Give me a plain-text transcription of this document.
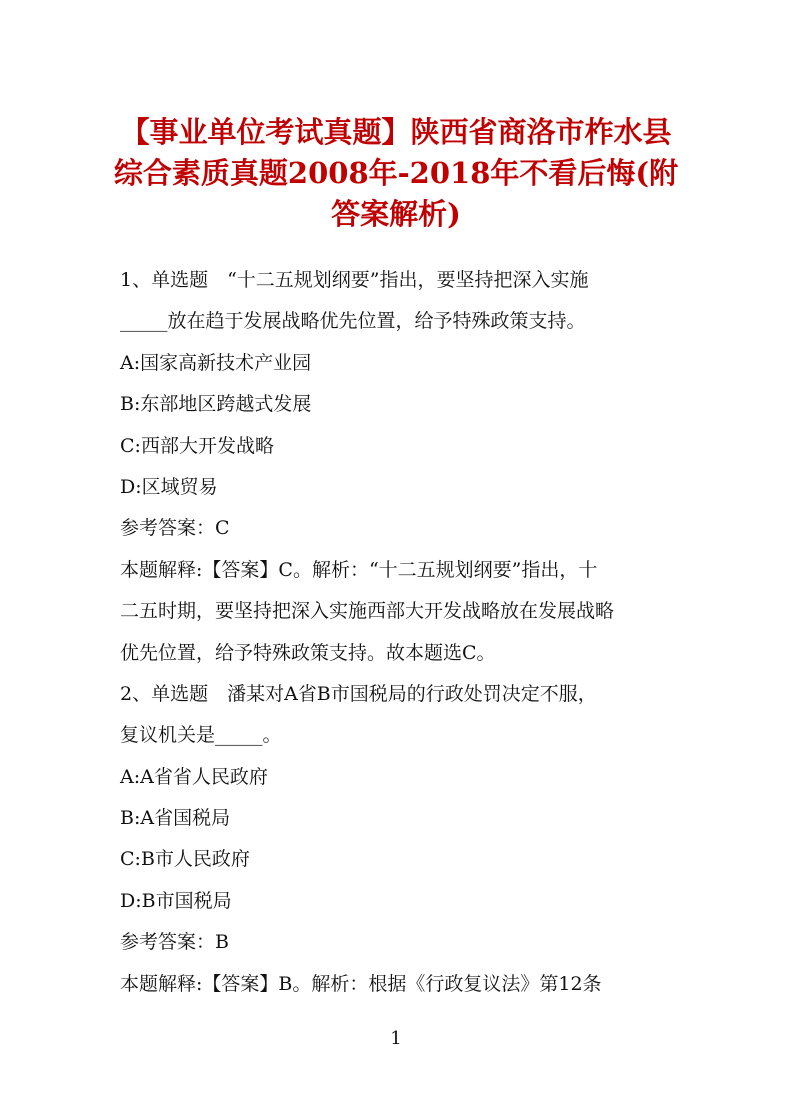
【事业单位考试真题】陕西省商洛市柞水县
综合素质真题2008年-2018年不看后悔(附
答案解析)
1、单选题　“十二五规划纲要”指出，要坚持把深入实施
_____放在趋于发展战略优先位置，给予特殊政策支持。
A:国家高新技术产业园
B:东部地区跨越式发展
C:西部大开发战略
D:区域贸易
参考答案：C
本题解释:【答案】C。解析：“十二五规划纲要”指出，十
二五时期，要坚持把深入实施西部大开发战略放在发展战略
优先位置，给予特殊政策支持。故本题选C。
2、单选题　潘某对A省B市国税局的行政处罚决定不服，
复议机关是_____。
A:A省省人民政府
B:A省国税局
C:B市人民政府
D:B市国税局
参考答案：B
本题解释:【答案】B。解析：根据《行政复议法》第12条
1
